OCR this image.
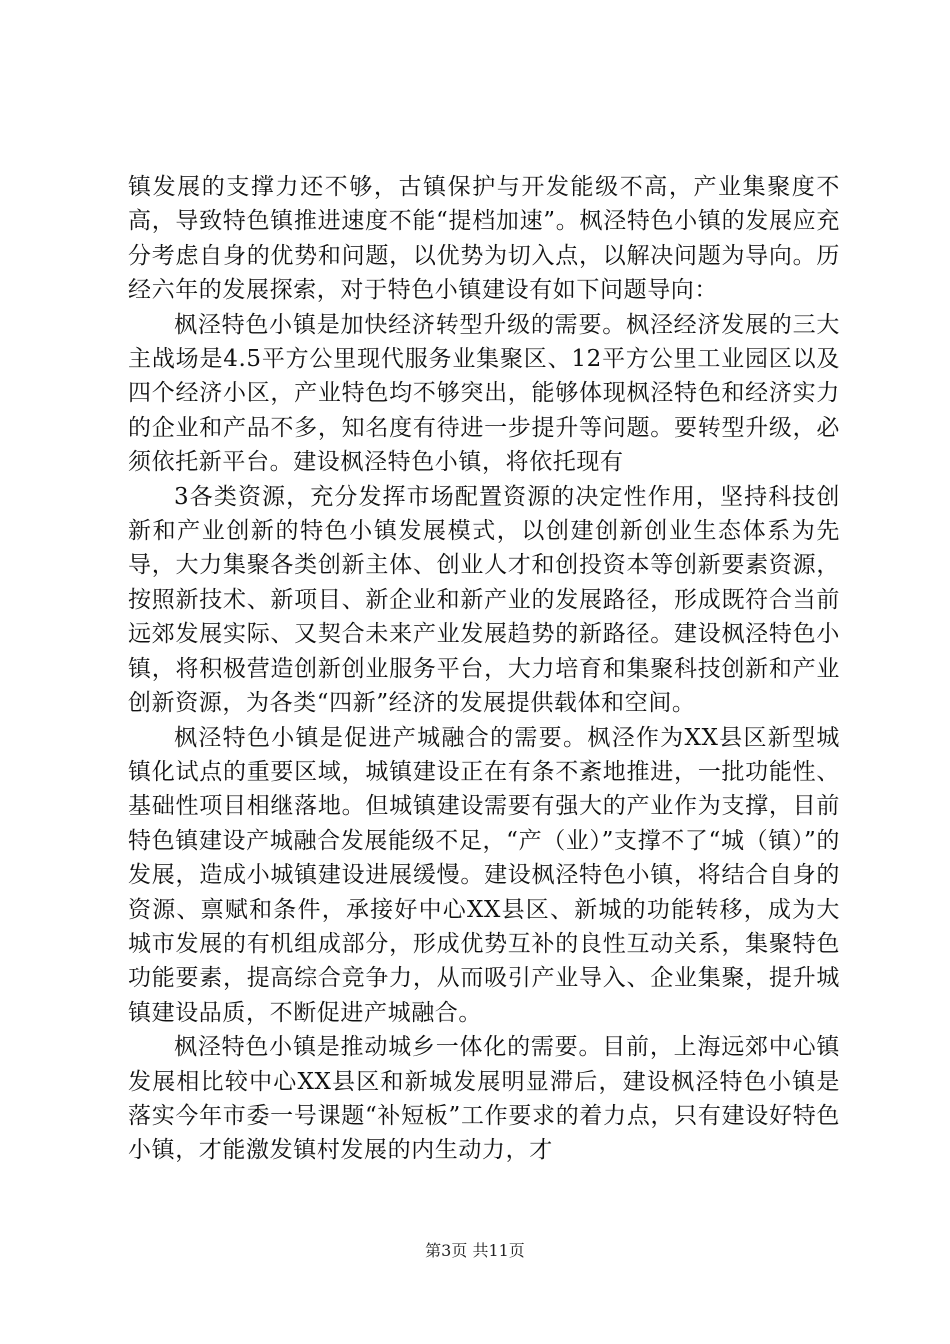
镇发展的支撑力还不够，古镇保护与开发能级不高，产业集聚度不高，导致特色镇推进速度不能“提档加速”。枫泾特色小镇的发展应充分考虑自身的优势和问题，以优势为切入点，以解决问题为导向。历经六年的发展探索，对于特色小镇建设有如下问题导向：

枫泾特色小镇是加快经济转型升级的需要。枫泾经济发展的三大主战场是4.5平方公里现代服务业集聚区、12平方公里工业园区以及四个经济小区，产业特色均不够突出，能够体现枫泾特色和经济实力的企业和产品不多，知名度有待进一步提升等问题。要转型升级，必须依托新平台。建设枫泾特色小镇，将依托现有

3各类资源，充分发挥市场配置资源的决定性作用，坚持科技创新和产业创新的特色小镇发展模式，以创建创新创业生态体系为先导，大力集聚各类创新主体、创业人才和创投资本等创新要素资源，按照新技术、新项目、新企业和新产业的发展路径，形成既符合当前远郊发展实际、又契合未来产业发展趋势的新路径。建设枫泾特色小镇，将积极营造创新创业服务平台，大力培育和集聚科技创新和产业创新资源，为各类“四新”经济的发展提供载体和空间。

枫泾特色小镇是促进产城融合的需要。枫泾作为XX县区新型城镇化试点的重要区域，城镇建设正在有条不紊地推进，一批功能性、基础性项目相继落地。但城镇建设需要有强大的产业作为支撑，目前特色镇建设产城融合发展能级不足，“产（业）”支撑不了“城（镇）”的发展，造成小城镇建设进展缓慢。建设枫泾特色小镇，将结合自身的资源、禀赋和条件，承接好中心XX县区、新城的功能转移，成为大城市发展的有机组成部分，形成优势互补的良性互动关系，集聚特色功能要素，提高综合竞争力，从而吸引产业导入、企业集聚，提升城镇建设品质，不断促进产城融合。

枫泾特色小镇是推动城乡一体化的需要。目前，上海远郊中心镇发展相比较中心XX县区和新城发展明显滞后，建设枫泾特色小镇是落实今年市委一号课题“补短板”工作要求的着力点，只有建设好特色小镇，才能激发镇村发展的内生动力，才

第3页 共11页
